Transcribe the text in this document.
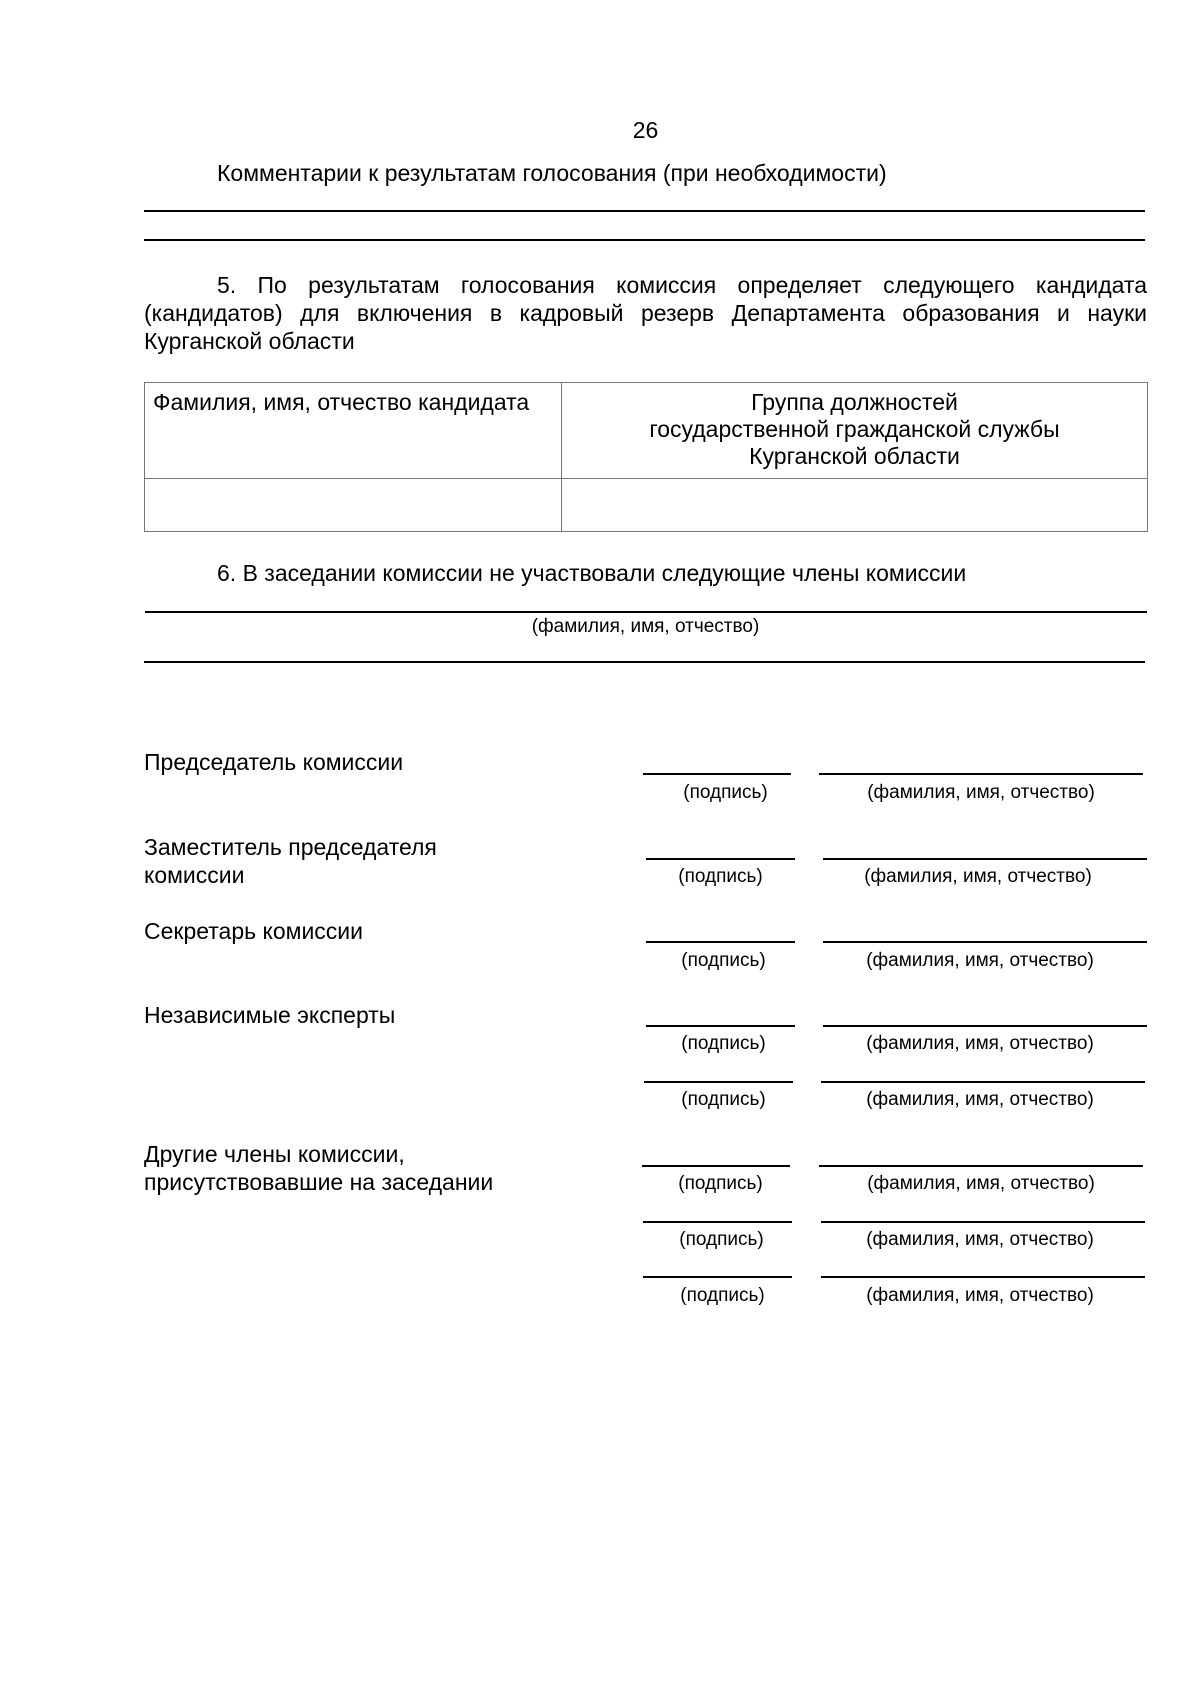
26
Комментарии к результатам голосования (при необходимости)
5. По результатам голосования комиссия определяет следующего кандидата (кандидатов) для включения в кадровый резерв Департамента образования и науки Курганской области
Фамилия, имя, отчество кандидата	Группа должностей
государственной гражданской службы
Курганской области

6. В заседании комиссии не участвовали следующие члены комиссии
(фамилия, имя, отчество)
Председатель комиссии
(подпись)	(фамилия, имя, отчество)
Заместитель председателя
комиссии	(подпись)	(фамилия, имя, отчество)
Секретарь комиссии
(подпись)	(фамилия, имя, отчество)
Независимые эксперты
(подпись)	(фамилия, имя, отчество)
(подпись)	(фамилия, имя, отчество)
Другие члены комиссии,
присутствовавшие на заседании	(подпись)	(фамилия, имя, отчество)
(подпись)	(фамилия, имя, отчество)
(подпись)	(фамилия, имя, отчество)
